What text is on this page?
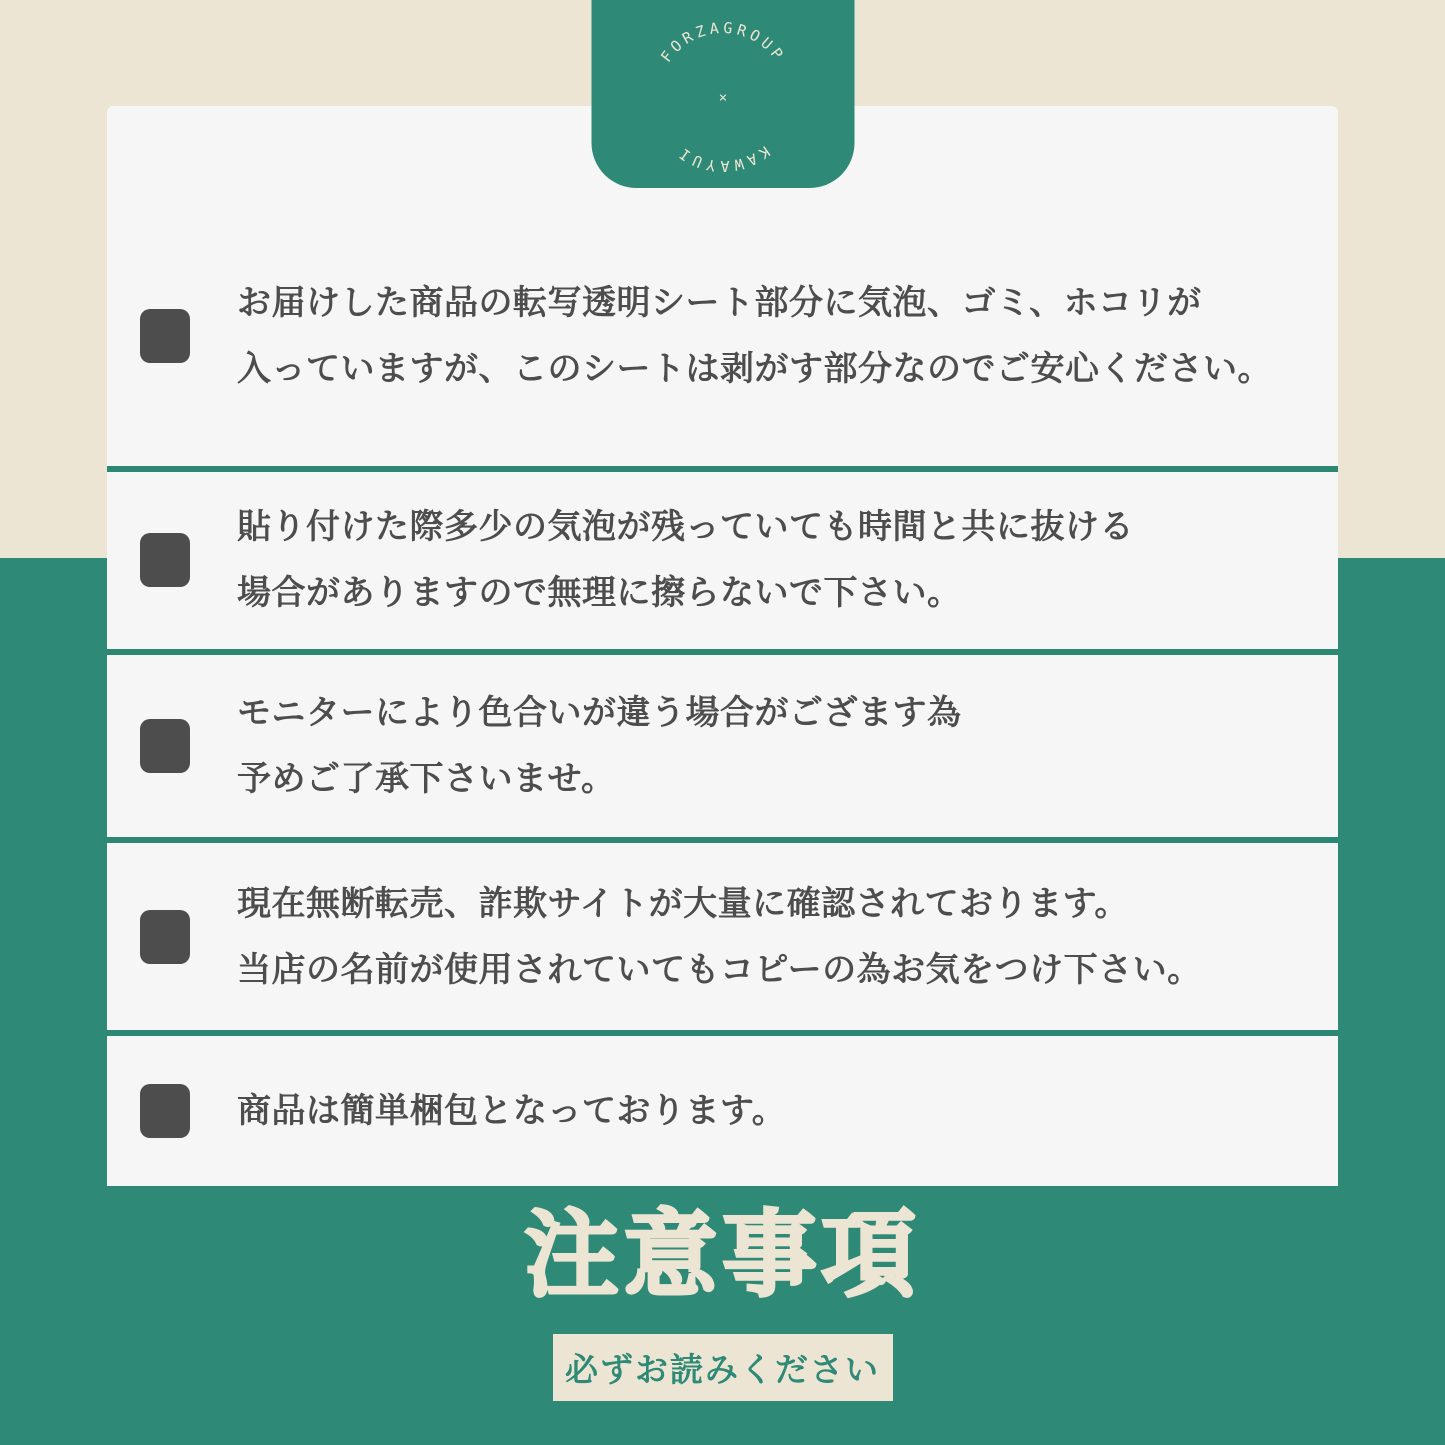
FORZAGROUP
KAWAYUI
×
お届けした商品の転写透明シート部分に気泡、ゴミ、ホコリが
入っていますが、このシートは剥がす部分なのでご安心ください。
貼り付けた際多少の気泡が残っていても時間と共に抜ける
場合がありますので無理に擦らないで下さい。
モニターにより色合いが違う場合がござます為
予めご了承下さいませ。
現在無断転売、詐欺サイトが大量に確認されております。
当店の名前が使用されていてもコピーの為お気をつけ下さい。
商品は簡単梱包となっております。
注意事項
必ずお読みください
